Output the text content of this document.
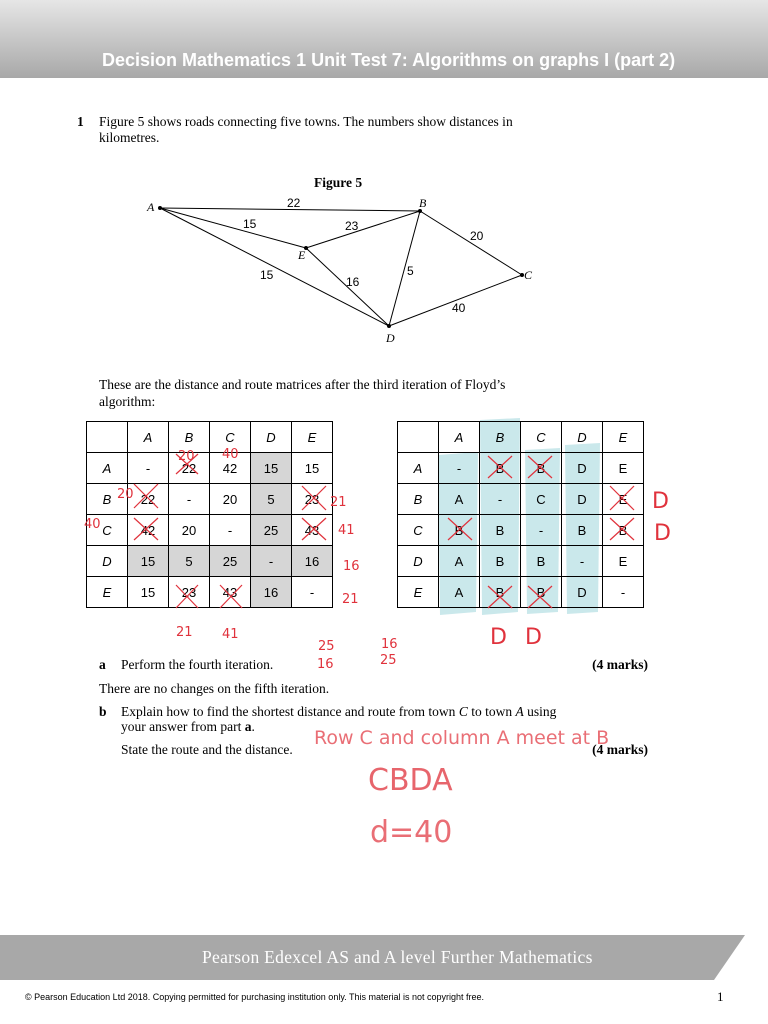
Decision Mathematics 1 Unit Test 7: Algorithms on graphs I (part 2)
1 Figure 5 shows roads connecting five towns. The numbers show distances in
kilometres.
Figure 5
A	B
C
D
E
22
15
15
23
16
5
20
40
These are the distance and route matrices after the third iteration of Floyd’s
algorithm:
	A	B	C	D	E
A	-	22	42	15	15
B	22	-	20	5	23
C	42	20	-	25	43
D	15	5	25	-	16
E	15	23	43	16	-
	A	B	C	D	E
A	-	B	B	D	E
B	A	-	C	D	E
C	B	B	-	B	B
D	A	B	B	-	E
E	A	B	B	D	-
a Perform the fourth iteration.	(4 marks)
There are no changes on the fifth iteration.
b Explain how to find the shortest distance and route from town C to town A using
your answer from part a.
State the route and the distance.	(4 marks)
20 40
20
40
21
41
16
21
21 41
25
16
16
25
D
D
D D
Row C and column A meet at B
CBDA
d=40
Pearson Edexcel AS and A level Further Mathematics
© Pearson Education Ltd 2018. Copying permitted for purchasing institution only. This material is not copyright free.	1
